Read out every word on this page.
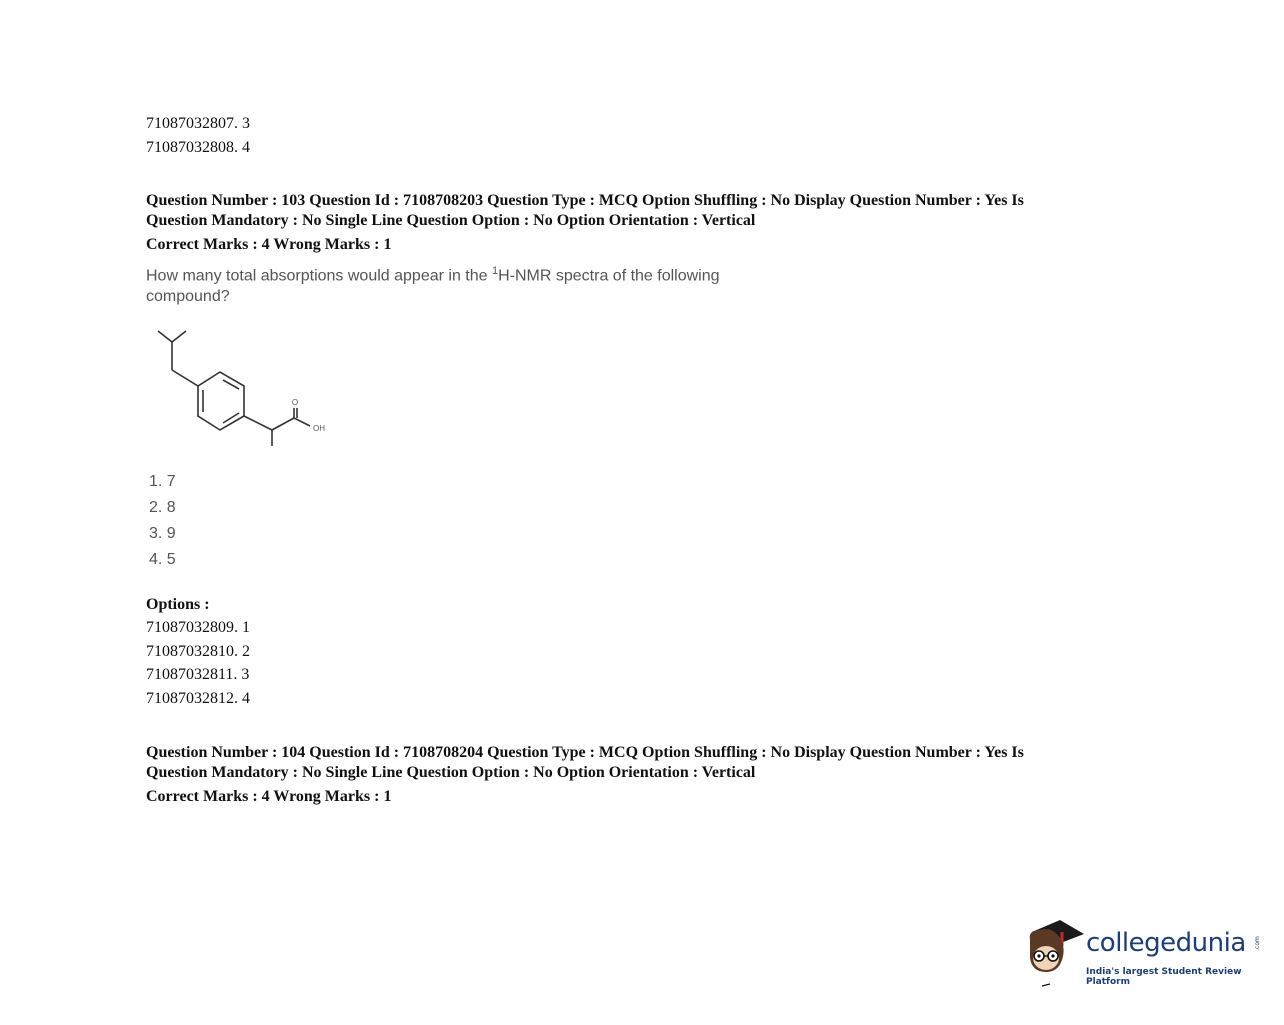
71087032807. 3
71087032808. 4
Question Number : 103 Question Id : 7108708203 Question Type : MCQ Option Shuffling : No Display Question Number : Yes Is
Question Mandatory : No Single Line Question Option : No Option Orientation : Vertical
Correct Marks : 4 Wrong Marks : 1
How many total absorptions would appear in the $^1$H-NMR spectra of the following
compound?
O
OH
1. 7
2. 8
3. 9
4. 5
Options :
71087032809. 1
71087032810. 2
71087032811. 3
71087032812. 4
Question Number : 104 Question Id : 7108708204 Question Type : MCQ Option Shuffling : No Display Question Number : Yes Is
Question Mandatory : No Single Line Question Option : No Option Orientation : Vertical
Correct Marks : 4 Wrong Marks : 1
collegedunia .com
India's largest Student Review Platform
